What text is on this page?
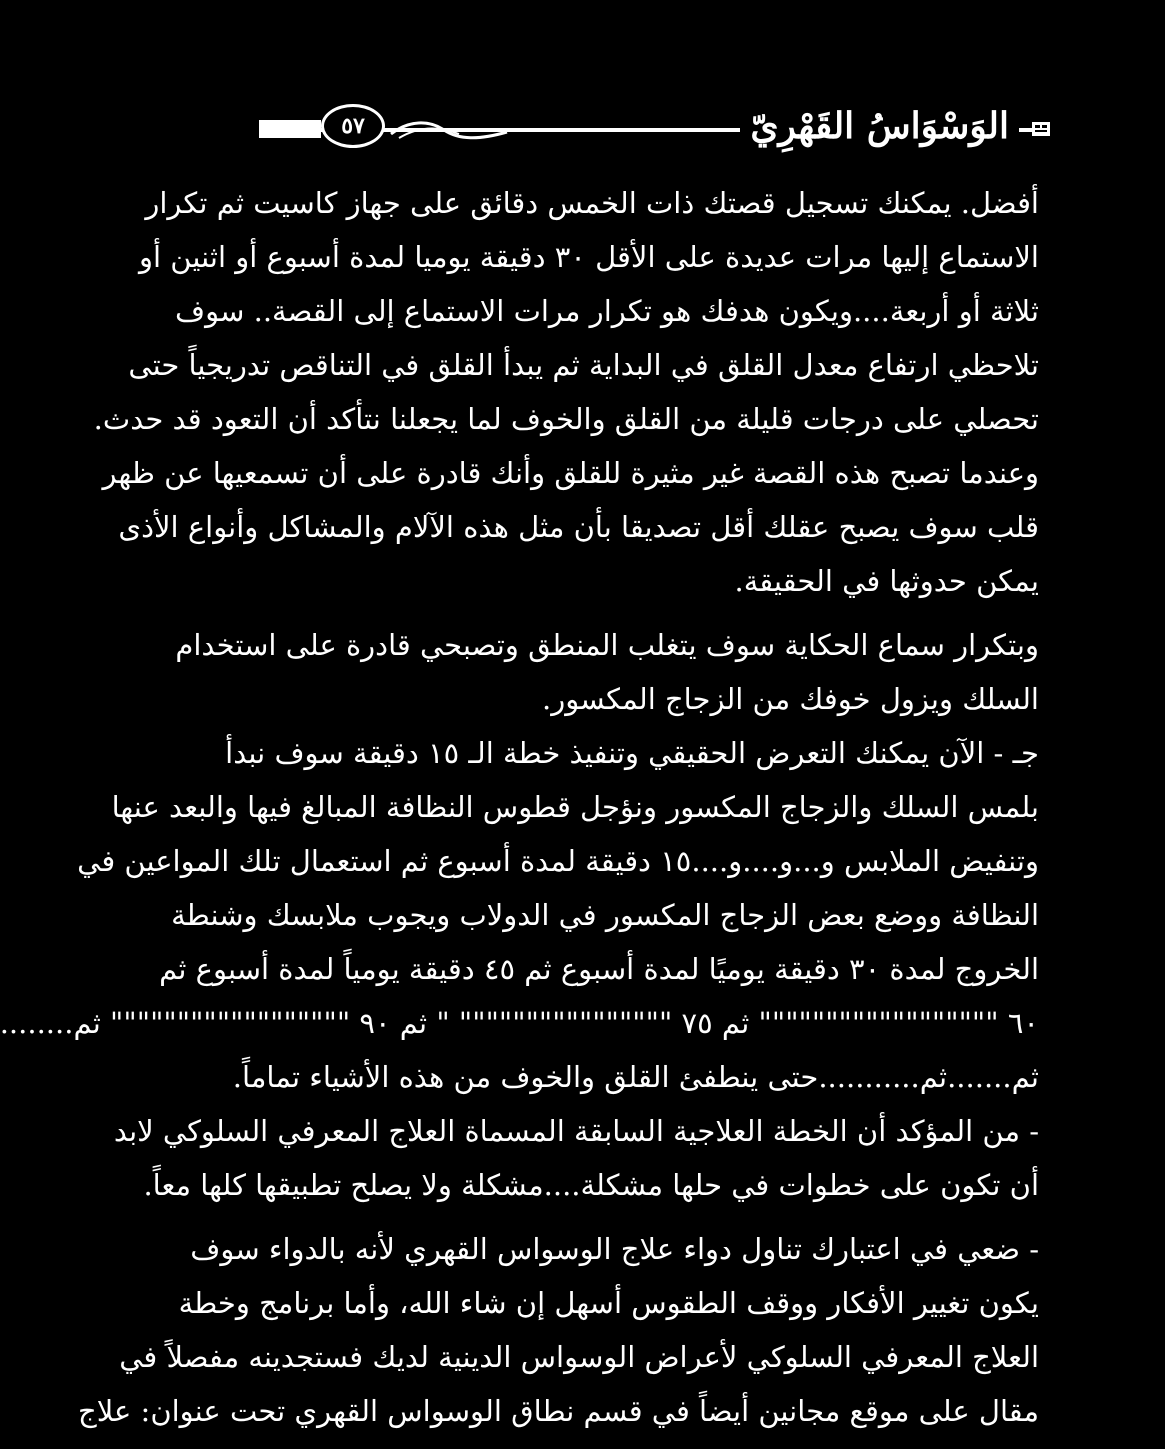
٥٧	الوَسْوَاسُ القَهْرِيّ
أفضل. يمكنك تسجيل قصتك ذات الخمس دقائق على جهاز كاسيت ثم تكرار
الاستماع إليها مرات عديدة على الأقل ٣٠ دقيقة يوميا لمدة أسبوع أو اثنين أو
ثلاثة أو أربعة....ويكون هدفك هو تكرار مرات الاستماع إلى القصة.. سوف
تلاحظي ارتفاع معدل القلق في البداية ثم يبدأ القلق في التناقص تدريجياً حتى
تحصلي على درجات قليلة من القلق والخوف لما يجعلنا نتأكد أن التعود قد حدث.
وعندما تصبح هذه القصة غير مثيرة للقلق وأنك قادرة على أن تسمعيها عن ظهر
قلب سوف يصبح عقلك أقل تصديقا بأن مثل هذه الآلام والمشاكل وأنواع الأذى
يمكن حدوثها في الحقيقة.
وبتكرار سماع الحكاية سوف يتغلب المنطق وتصبحي قادرة على استخدام
السلك ويزول خوفك من الزجاج المكسور.
جـ - الآن يمكنك التعرض الحقيقي وتنفيذ خطة الـ ١٥ دقيقة سوف نبدأ
بلمس السلك والزجاج المكسور ونؤجل قطوس النظافة المبالغ فيها والبعد عنها
وتنفيض الملابس و...و....و....١٥ دقيقة لمدة أسبوع ثم استعمال تلك المواعين في
النظافة ووضع بعض الزجاج المكسور في الدولاب ويجوب ملابسك وشنطة
الخروج لمدة ٣٠ دقيقة يوميًا لمدة أسبوع ثم ٤٥ دقيقة يومياً لمدة أسبوع ثم
٦٠ """""""""""""""""" ثم ٧٥ """""""""""""""" " ثم ٩٠ """""""""""""""""" ثم........
ثم.......ثم...........حتى ينطفئ القلق والخوف من هذه الأشياء تماماً.
- من المؤكد أن الخطة العلاجية السابقة المسماة العلاج المعرفي السلوكي لابد
أن تكون على خطوات في حلها مشكلة....مشكلة ولا يصلح تطبيقها كلها معاً.
- ضعي في اعتبارك تناول دواء علاج الوسواس القهري لأنه بالدواء سوف
يكون تغيير الأفكار ووقف الطقوس أسهل إن شاء الله، وأما برنامج وخطة
العلاج المعرفي السلوكي لأعراض الوسواس الدينية لديك فستجدينه مفصلاً في
مقال على موقع مجانين أيضاً في قسم نطاق الوسواس القهري تحت عنوان: علاج
